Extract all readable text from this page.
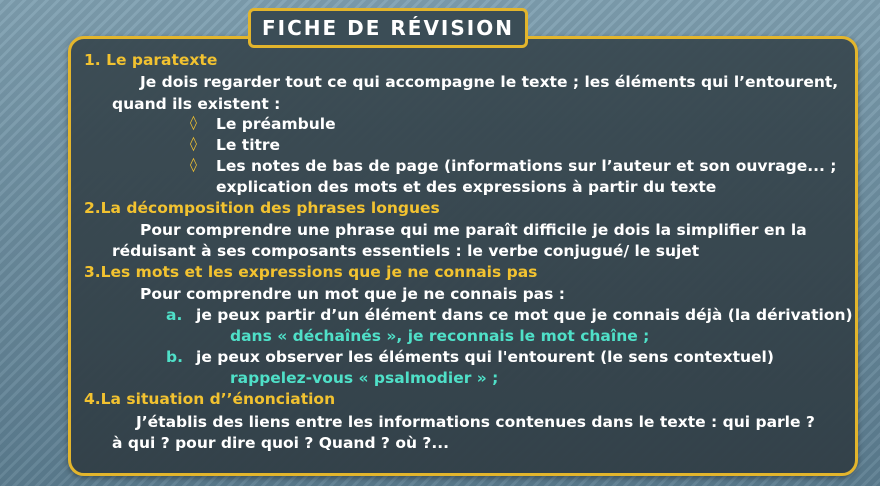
FICHE DE RÉVISION
1. Le paratexte
Je dois regarder tout ce qui accompagne le texte ; les éléments qui l’entourent,
quand ils existent :
◊ Le préambule
◊ Le titre
◊ Les notes de bas de page (informations sur l’auteur et son ouvrage... ;
explication des mots et des expressions à partir du texte
2.La décomposition des phrases longues
Pour comprendre une phrase qui me paraît difficile je dois la simplifier en la
réduisant à ses composants essentiels : le verbe conjugué/ le sujet
3.Les mots et les expressions que je ne connais pas
Pour comprendre un mot que je ne connais pas :
a. je peux partir d’un élément dans ce mot que je connais déjà (la dérivation)
dans « déchaînés », je reconnais le mot chaîne ;
b. je peux observer les éléments qui l'entourent (le sens contextuel)
rappelez-vous « psalmodier » ;
4.La situation d’’énonciation
J’établis des liens entre les informations contenues dans le texte : qui parle ?
à qui ? pour dire quoi ? Quand ? où ?...
